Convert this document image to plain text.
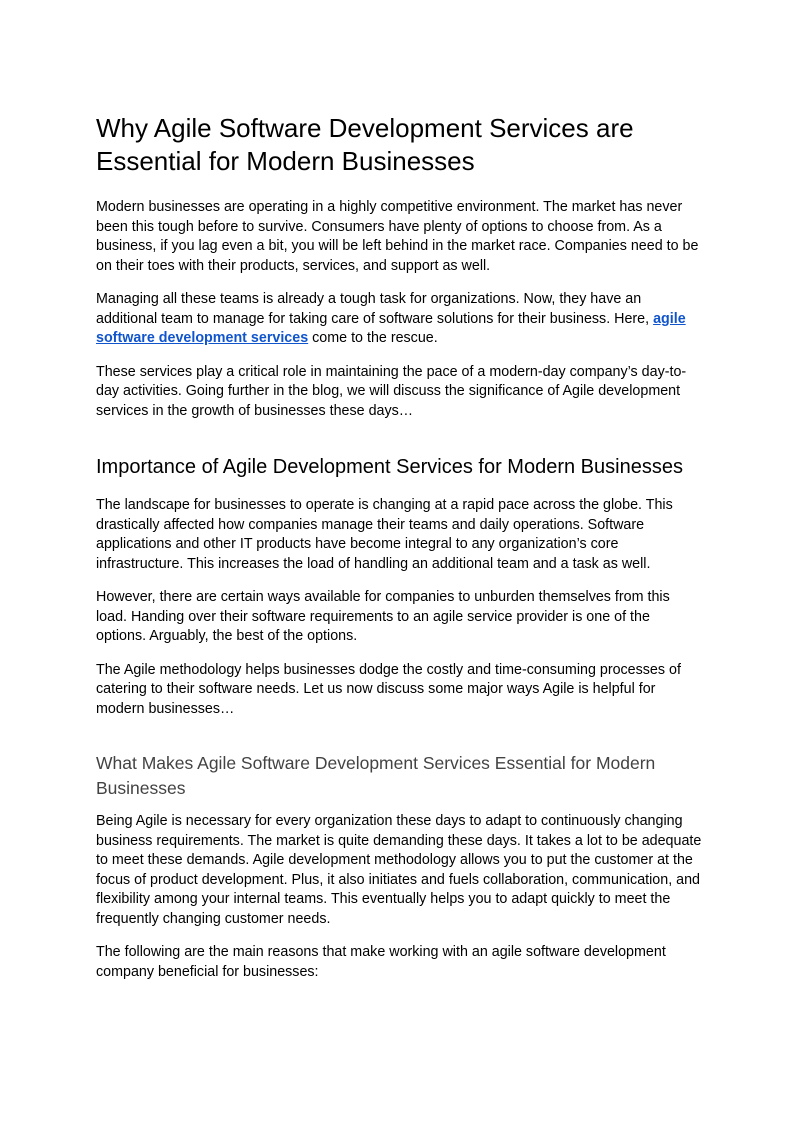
Why Agile Software Development Services are Essential for Modern Businesses

Modern businesses are operating in a highly competitive environment. The market has never been this tough before to survive. Consumers have plenty of options to choose from. As a business, if you lag even a bit, you will be left behind in the market race. Companies need to be on their toes with their products, services, and support as well.

Managing all these teams is already a tough task for organizations. Now, they have an additional team to manage for taking care of software solutions for their business. Here, agile software development services come to the rescue.

These services play a critical role in maintaining the pace of a modern-day company’s day-to-day activities. Going further in the blog, we will discuss the significance of Agile development services in the growth of businesses these days…

Importance of Agile Development Services for Modern Businesses

The landscape for businesses to operate is changing at a rapid pace across the globe. This drastically affected how companies manage their teams and daily operations. Software applications and other IT products have become integral to any organization’s core infrastructure. This increases the load of handling an additional team and a task as well.

However, there are certain ways available for companies to unburden themselves from this load. Handing over their software requirements to an agile service provider is one of the options. Arguably, the best of the options.

The Agile methodology helps businesses dodge the costly and time-consuming processes of catering to their software needs. Let us now discuss some major ways Agile is helpful for modern businesses…

What Makes Agile Software Development Services Essential for Modern Businesses

Being Agile is necessary for every organization these days to adapt to continuously changing business requirements. The market is quite demanding these days. It takes a lot to be adequate to meet these demands. Agile development methodology allows you to put the customer at the focus of product development. Plus, it also initiates and fuels collaboration, communication, and flexibility among your internal teams. This eventually helps you to adapt quickly to meet the frequently changing customer needs.

The following are the main reasons that make working with an agile software development company beneficial for businesses:
